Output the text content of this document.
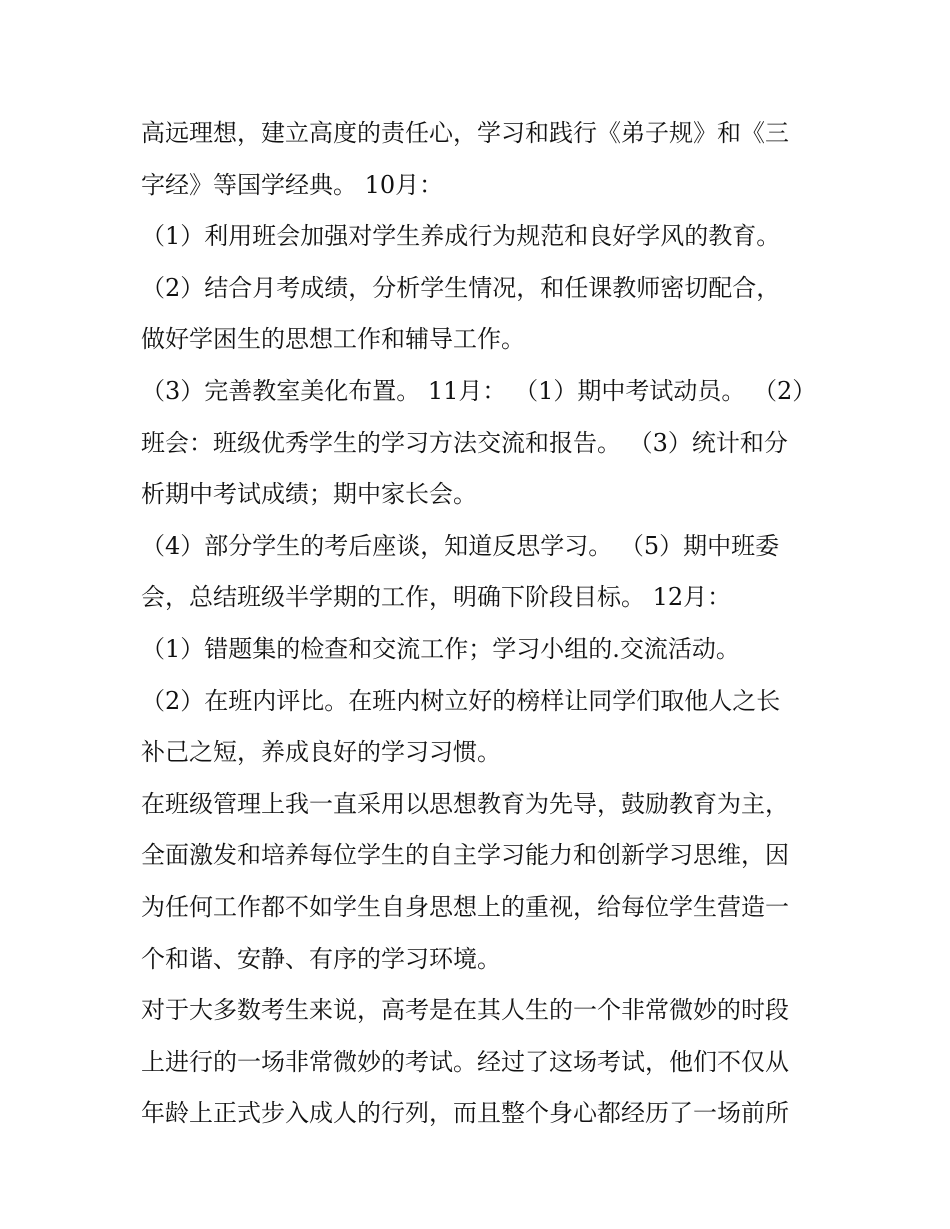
高远理想，建立高度的责任心，学习和践行《弟子规》和《三
字经》等国学经典。 10月：
（1）利用班会加强对学生养成行为规范和良好学风的教育。
（2）结合月考成绩，分析学生情况，和任课教师密切配合，
做好学困生的思想工作和辅导工作。
（3）完善教室美化布置。 11月： （1）期中考试动员。 （2）
班会：班级优秀学生的学习方法交流和报告。 （3）统计和分
析期中考试成绩；期中家长会。
（4）部分学生的考后座谈，知道反思学习。 （5）期中班委
会，总结班级半学期的工作，明确下阶段目标。 12月：
（1）错题集的检查和交流工作；学习小组的.交流活动。
（2）在班内评比。在班内树立好的榜样让同学们取他人之长
补己之短，养成良好的学习习惯。
在班级管理上我一直采用以思想教育为先导，鼓励教育为主，
全面激发和培养每位学生的自主学习能力和创新学习思维，因
为任何工作都不如学生自身思想上的重视，给每位学生营造一
个和谐、安静、有序的学习环境。
对于大多数考生来说，高考是在其人生的一个非常微妙的时段
上进行的一场非常微妙的考试。经过了这场考试，他们不仅从
年龄上正式步入成人的行列，而且整个身心都经历了一场前所
